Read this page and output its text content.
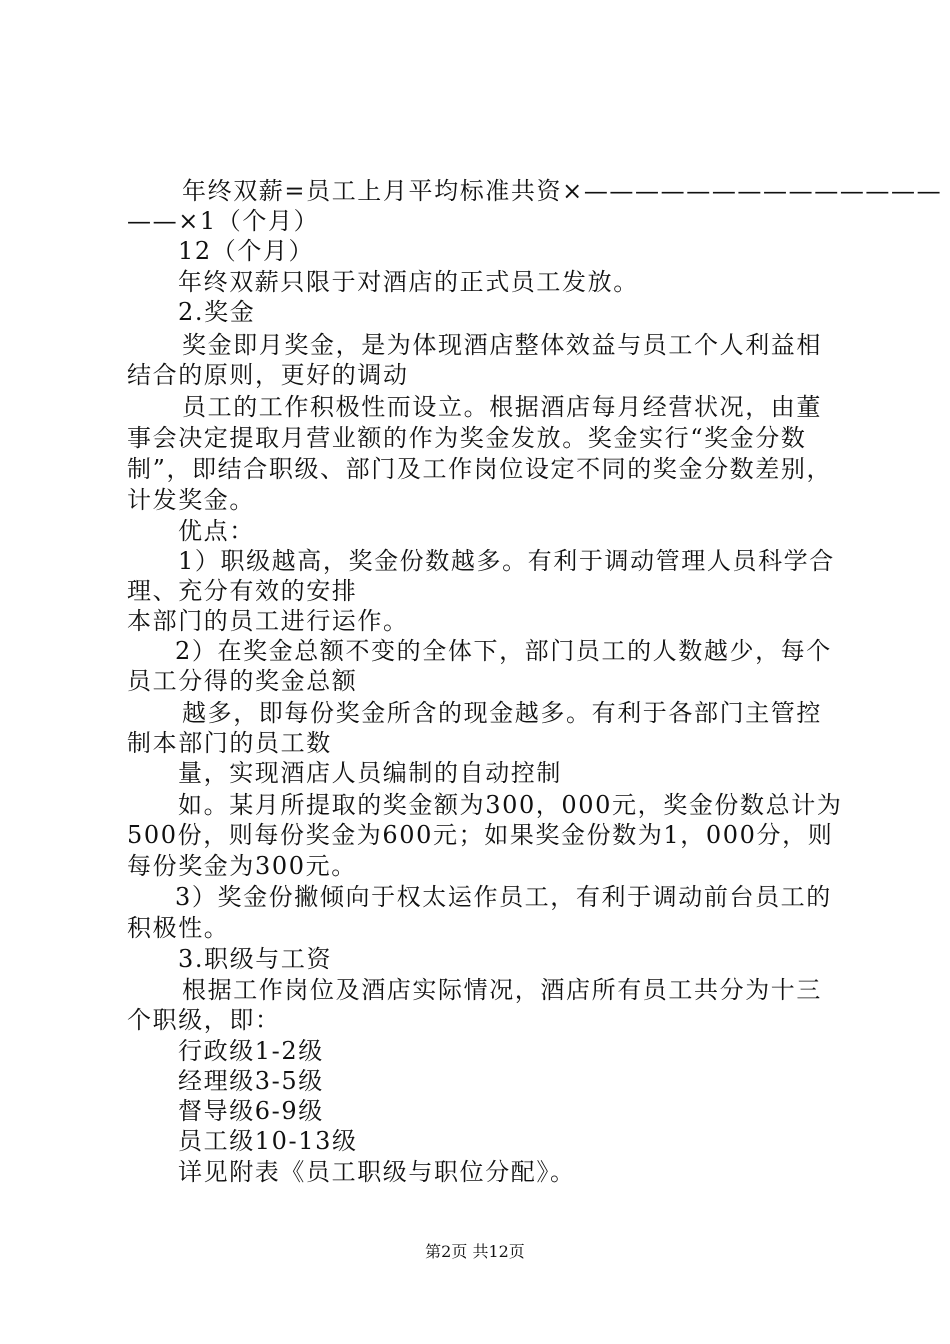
年终双薪=员工上月平均标准共资×——————————————
——×1（个月）
12（个月）
年终双薪只限于对酒店的正式员工发放。
2.奖金
奖金即月奖金，是为体现酒店整体效益与员工个人利益相
结合的原则，更好的调动
员工的工作积极性而设立。根据酒店每月经营状况，由董
事会决定提取月营业额的作为奖金发放。奖金实行“奖金分数
制”，即结合职级、部门及工作岗位设定不同的奖金分数差别，
计发奖金。
优点：
1）职级越高，奖金份数越多。有利于调动管理人员科学合
理、充分有效的安排
本部门的员工进行运作。
2）在奖金总额不变的全体下，部门员工的人数越少，每个
员工分得的奖金总额
越多，即每份奖金所含的现金越多。有利于各部门主管控
制本部门的员工数
量，实现酒店人员编制的自动控制
如。某月所提取的奖金额为300，000元，奖金份数总计为
500份，则每份奖金为600元；如果奖金份数为1，000分，则
每份奖金为300元。
3）奖金份撇倾向于权太运作员工，有利于调动前台员工的
积极性。
3.职级与工资
根据工作岗位及酒店实际情况，酒店所有员工共分为十三
个职级，即：
行政级1-2级
经理级3-5级
督导级6-9级
员工级10-13级
详见附表《员工职级与职位分配》。
第2页 共12页
